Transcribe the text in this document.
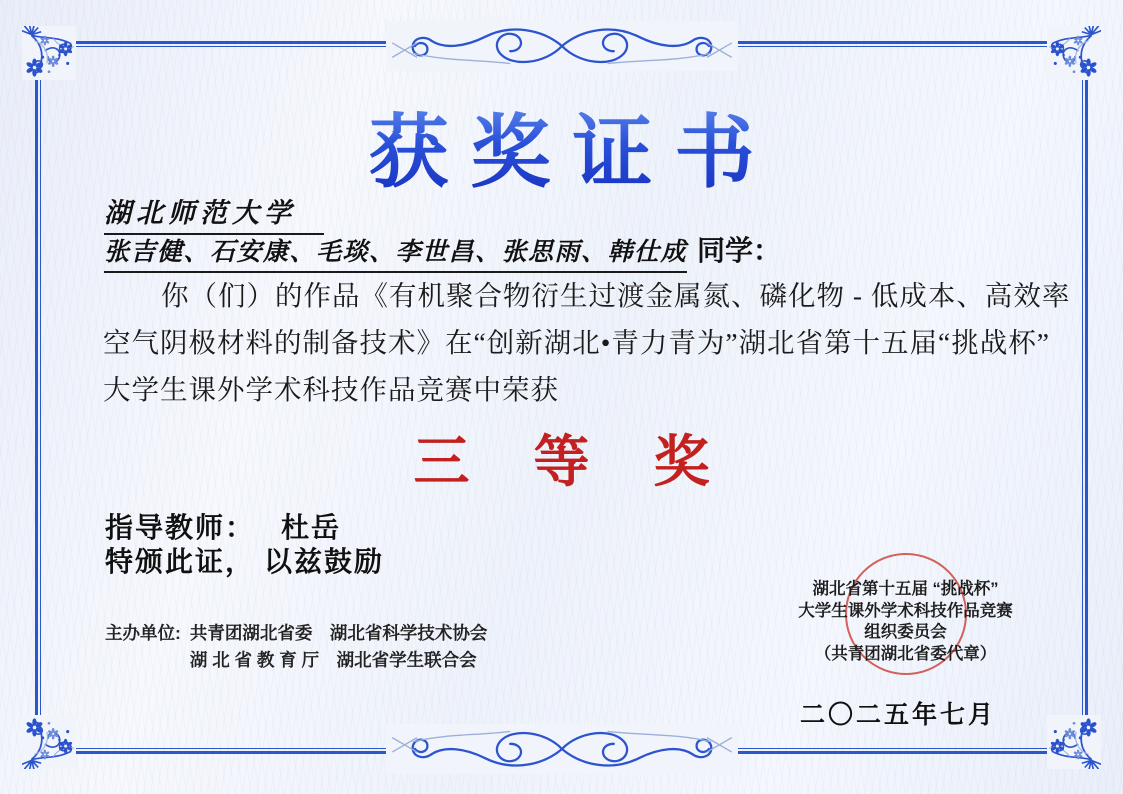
获奖证书
湖北师范大学
张吉健、石安康、毛琰、李世昌、张思雨、韩仕成 同学：
你（们）的作品《有机聚合物衍生过渡金属氮、磷化物 - 低成本、高效率
空气阴极材料的制备技术》在“创新湖北•青力青为”湖北省第十五届“挑战杯”
大学生课外学术科技作品竞赛中荣获
三等奖
指导教师： 杜岳
特颁此证， 以兹鼓励
主办单位: 共青团湖北省委　湖北省科学技术协会
湖 北 省 教 育 厅　湖北省学生联合会
湖北省第十五届 “挑战杯”
大学生课外学术科技作品竞赛
组织委员会
（共青团湖北省委代章）
二〇二五年七月
